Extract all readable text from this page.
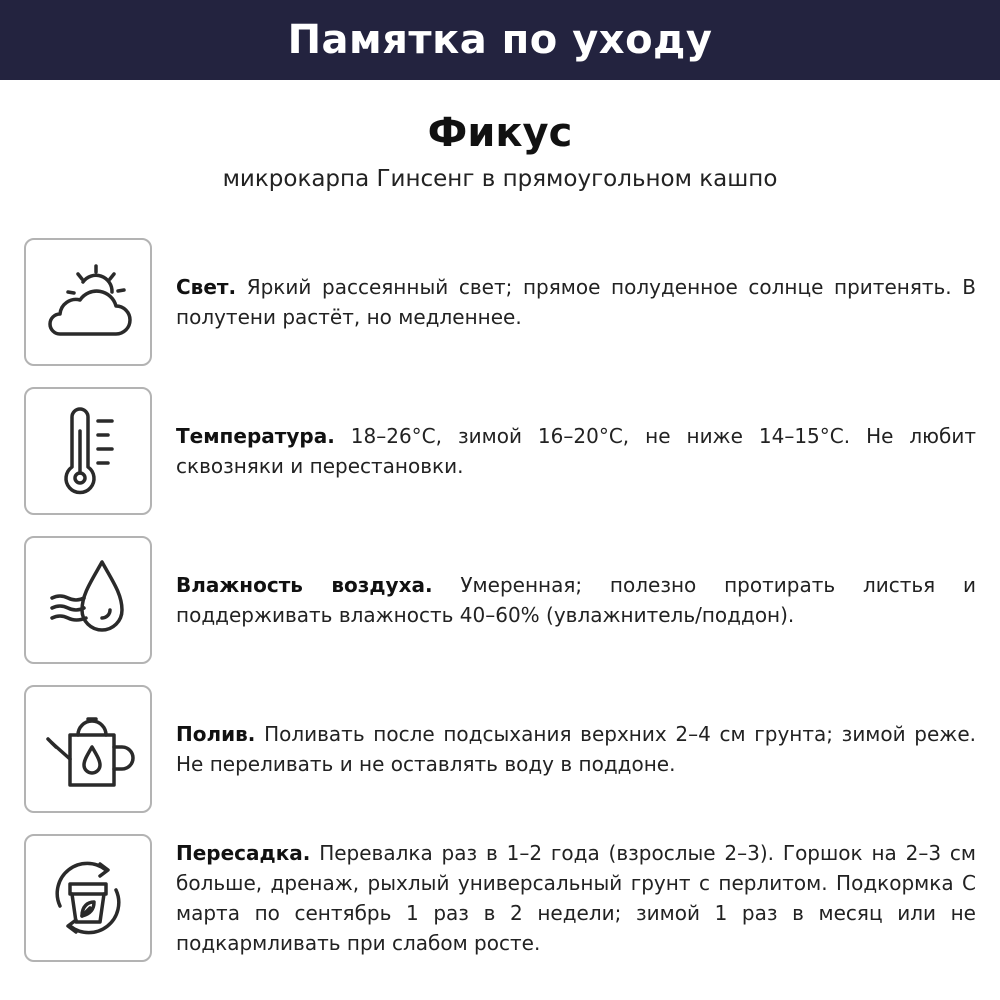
Памятка по уходу
Фикус
микрокарпа Гинсенг в прямоугольном кашпо

Свет. Яркий рассеянный свет; прямое полуденное солнце притенять. В полутени растёт, но медленнее.

Температура. 18–26°C, зимой 16–20°C, не ниже 14–15°C. Не любит сквозняки и перестановки.

Влажность воздуха. Умеренная; полезно протирать листья и поддерживать влажность 40–60% (увлажнитель/поддон).

Полив. Поливать после подсыхания верхних 2–4 см грунта; зимой реже. Не переливать и не оставлять воду в поддоне.

Пересадка. Перевалка раз в 1–2 года (взрослые 2–3). Горшок на 2–3 см больше, дренаж, рыхлый универсальный грунт с перлитом. Подкормка С марта по сентябрь 1 раз в 2 недели; зимой 1 раз в месяц или не подкармливать при слабом росте.
